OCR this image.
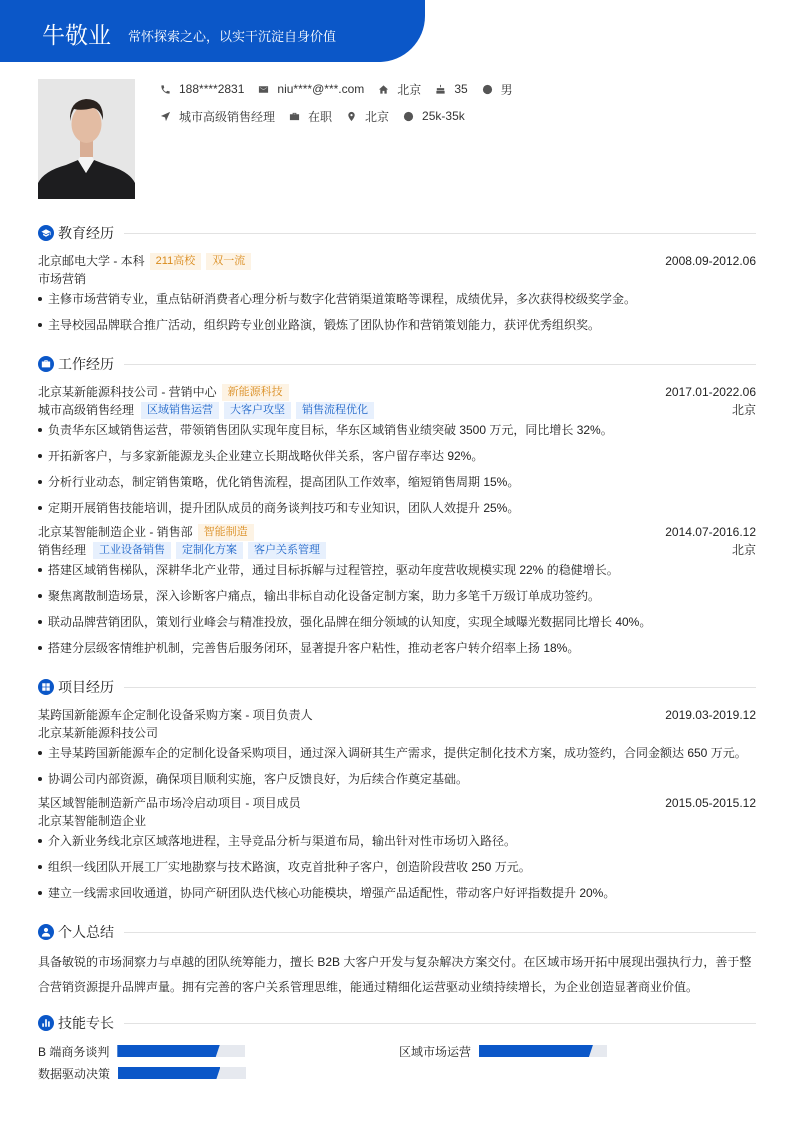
牛敬业 常怀探索之心，以实干沉淀自身价值
188****2831	niu****@***.com	北京	35	男
城市高级销售经理	在职	北京	25k-35k
教育经历
北京邮电大学 - 本科	211高校	双一流	2008.09-2012.06
市场营销
主修市场营销专业，重点钻研消费者心理分析与数字化营销渠道策略等课程，成绩优异，多次获得校级奖学金。
主导校园品牌联合推广活动，组织跨专业创业路演，锻炼了团队协作和营销策划能力，获评优秀组织奖。
工作经历
北京某新能源科技公司 - 营销中心	新能源科技	2017.01-2022.06
城市高级销售经理	区域销售运营	大客户攻坚	销售流程优化	北京
负责华东区域销售运营，带领销售团队实现年度目标，华东区域销售业绩突破 3500 万元，同比增长 32%。
开拓新客户，与多家新能源龙头企业建立长期战略伙伴关系，客户留存率达 92%。
分析行业动态，制定销售策略，优化销售流程，提高团队工作效率，缩短销售周期 15%。
定期开展销售技能培训，提升团队成员的商务谈判技巧和专业知识，团队人效提升 25%。
北京某智能制造企业 - 销售部	智能制造	2014.07-2016.12
销售经理	工业设备销售	定制化方案	客户关系管理	北京
搭建区域销售梯队，深耕华北产业带，通过目标拆解与过程管控，驱动年度营收规模实现 22% 的稳健增长。
聚焦离散制造场景，深入诊断客户痛点，输出非标自动化设备定制方案，助力多笔千万级订单成功签约。
联动品牌营销团队，策划行业峰会与精准投放，强化品牌在细分领域的认知度，实现全域曝光数据同比增长 40%。
搭建分层级客情维护机制，完善售后服务闭环，显著提升客户粘性，推动老客户转介绍率上扬 18%。
项目经历
某跨国新能源车企定制化设备采购方案 - 项目负责人	2019.03-2019.12
北京某新能源科技公司
主导某跨国新能源车企的定制化设备采购项目，通过深入调研其生产需求，提供定制化技术方案，成功签约，合同金额达 650 万元。
协调公司内部资源，确保项目顺利实施，客户反馈良好，为后续合作奠定基础。
某区域智能制造新产品市场冷启动项目 - 项目成员	2015.05-2015.12
北京某智能制造企业
介入新业务线北京区域落地进程，主导竞品分析与渠道布局，输出针对性市场切入路径。
组织一线团队开展工厂实地勘察与技术路演，攻克首批种子客户，创造阶段营收 250 万元。
建立一线需求回收通道，协同产研团队迭代核心功能模块，增强产品适配性，带动客户好评指数提升 20%。
个人总结
具备敏锐的市场洞察力与卓越的团队统筹能力，擅长 B2B 大客户开发与复杂解决方案交付。在区域市场开拓中展现出强执行力，善于整合营销资源提升品牌声量。拥有完善的客户关系管理思维，能通过精细化运营驱动业绩持续增长，为企业创造显著商业价值。
技能专长
B 端商务谈判	区域市场运营
数据驱动决策
